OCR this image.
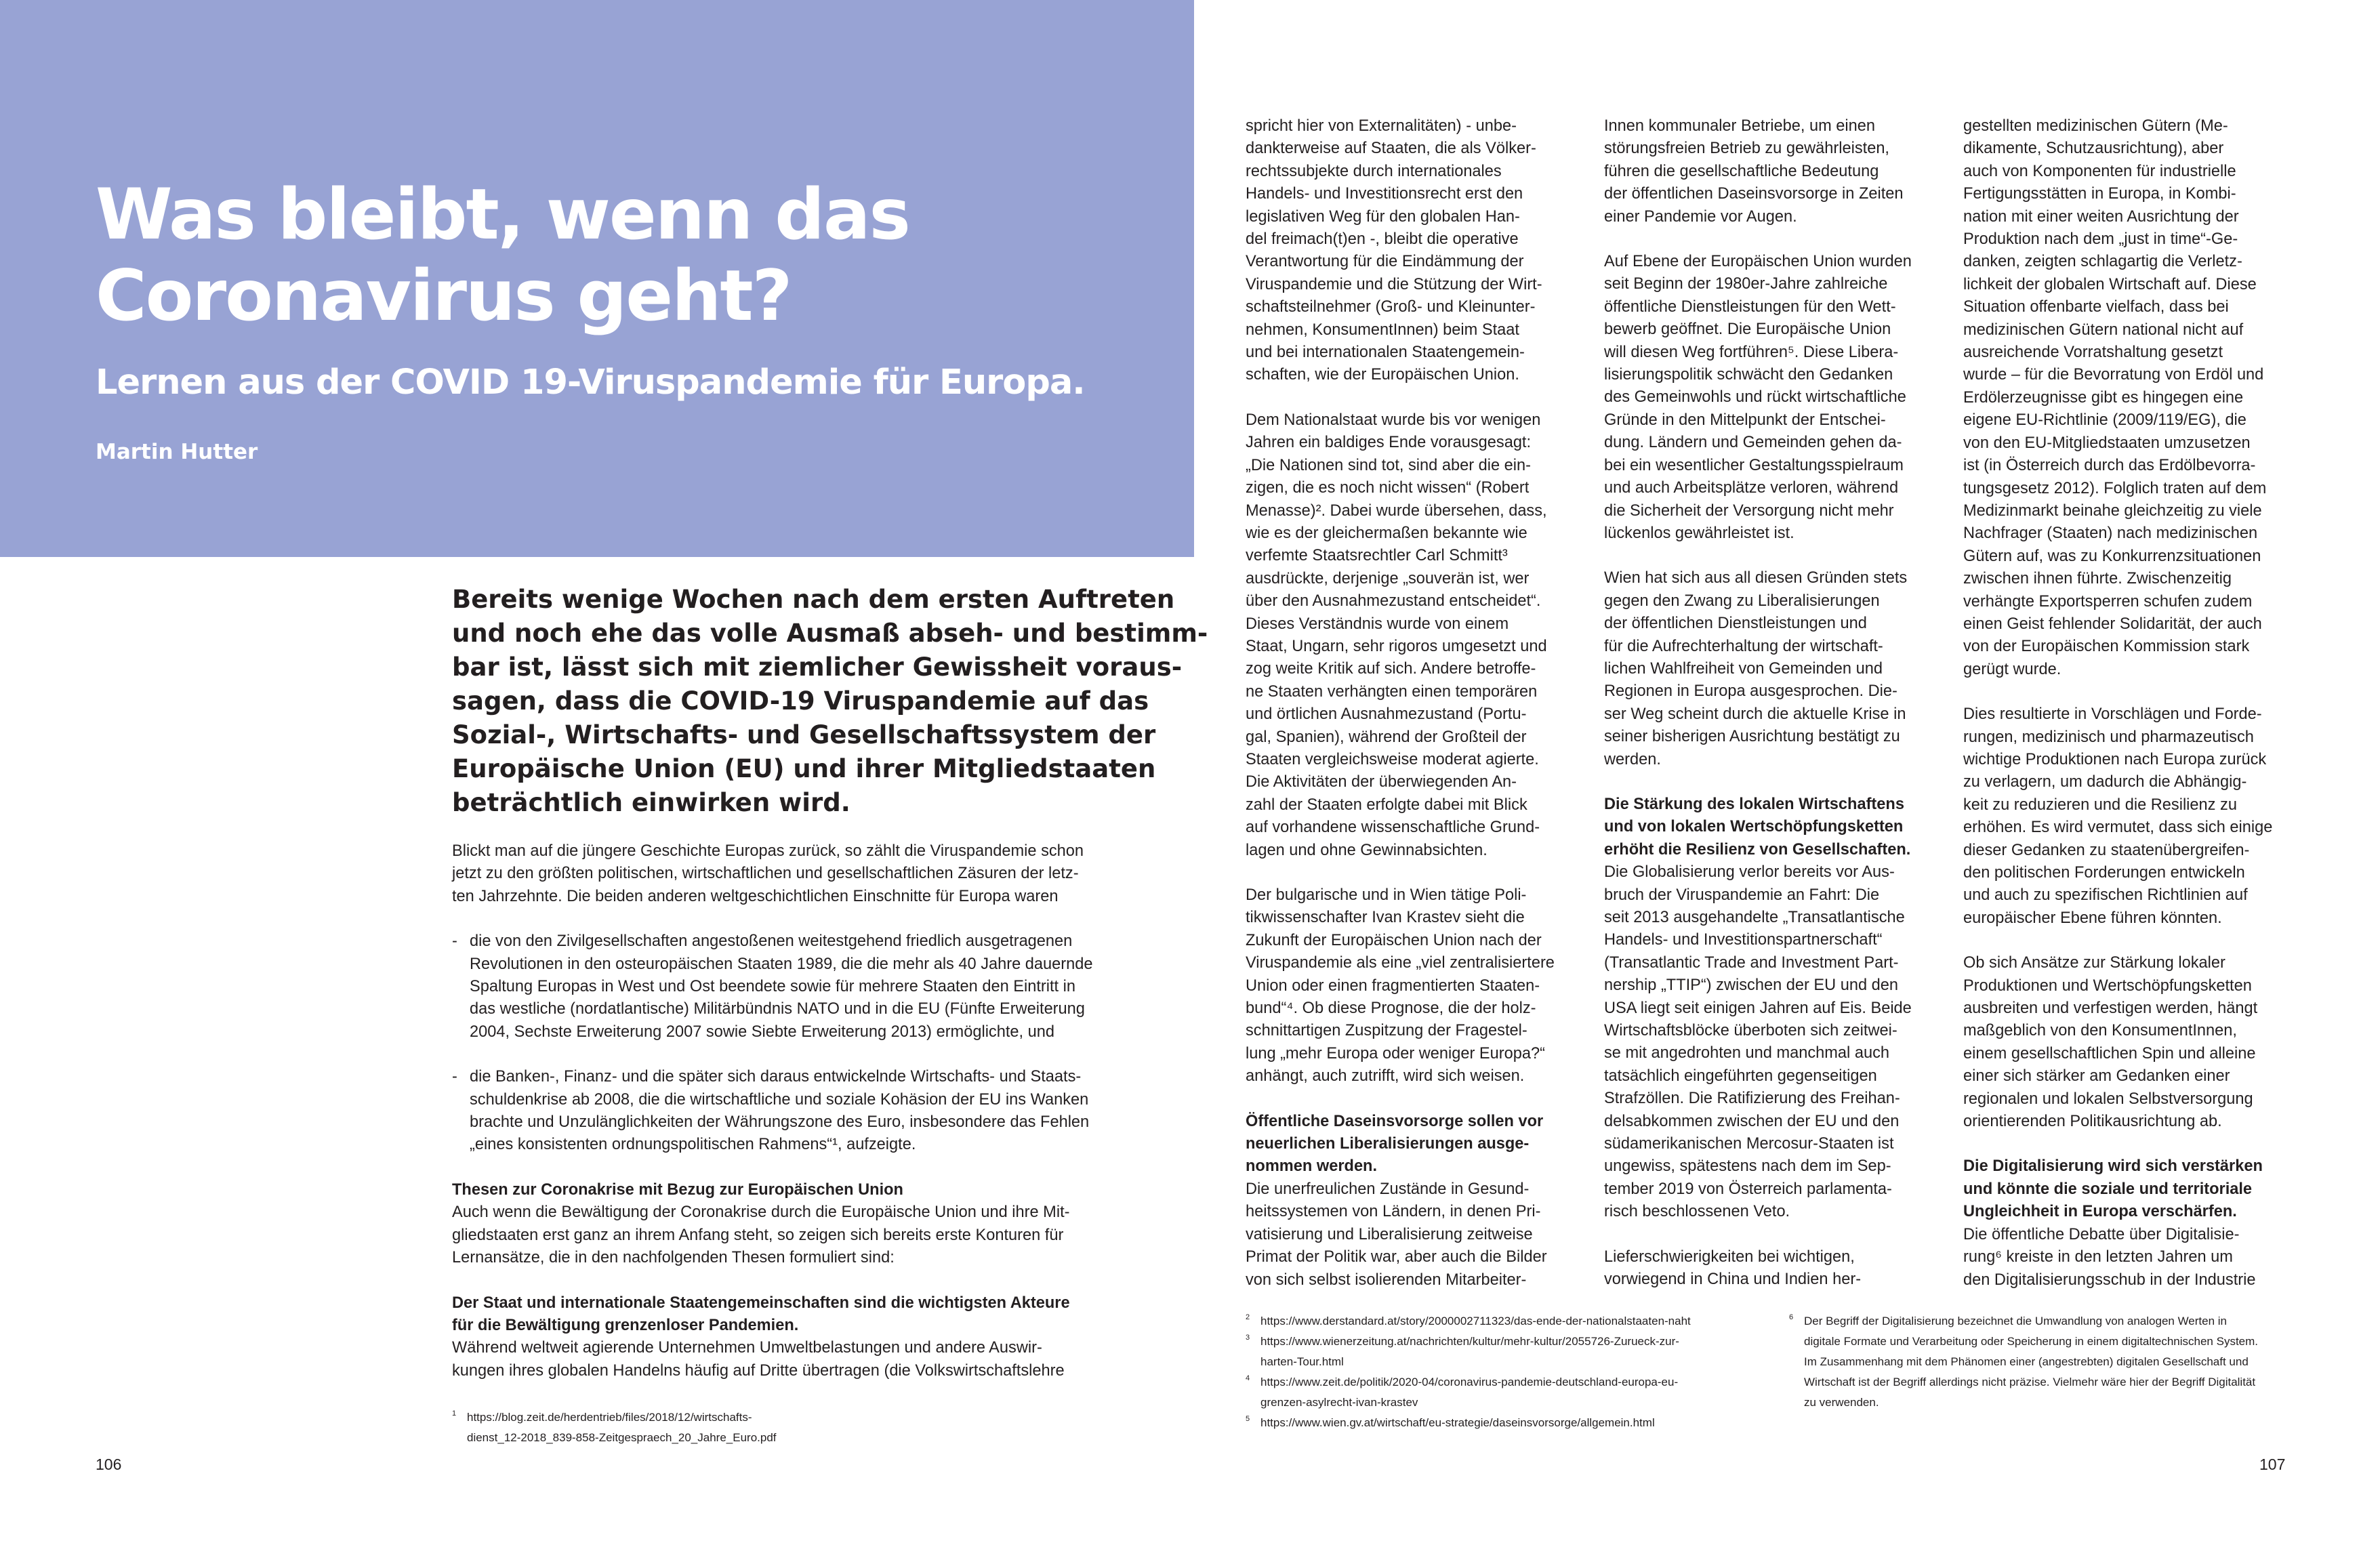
Was bleibt, wenn das
Coronavirus geht?
Lernen aus der COVID 19-Viruspandemie für Europa.
Martin Hutter
Bereits wenige Wochen nach dem ersten Auftreten
und noch ehe das volle Ausmaß abseh- und bestimm-
bar ist, lässt sich mit ziemlicher Gewissheit voraus-
sagen, dass die COVID-19 Viruspandemie auf das
Sozial-, Wirtschafts- und Gesellschaftssystem der
Europäische Union (EU) und ihrer Mitgliedstaaten
beträchtlich einwirken wird.

Blickt man auf die jüngere Geschichte Europas zurück, so zählt die Viruspandemie schon
jetzt zu den größten politischen, wirtschaftlichen und gesellschaftlichen Zäsuren der letz-
ten Jahrzehnte. Die beiden anderen weltgeschichtlichen Einschnitte für Europa waren

- die von den Zivilgesellschaften angestoßenen weitestgehend friedlich ausgetragenen
Revolutionen in den osteuropäischen Staaten 1989, die die mehr als 40 Jahre dauernde
Spaltung Europas in West und Ost beendete sowie für mehrere Staaten den Eintritt in
das westliche (nordatlantische) Militärbündnis NATO und in die EU (Fünfte Erweiterung
2004, Sechste Erweiterung 2007 sowie Siebte Erweiterung 2013) ermöglichte, und
- die Banken-, Finanz- und die später sich daraus entwickelnde Wirtschafts- und Staats-
schuldenkrise ab 2008, die die wirtschaftliche und soziale Kohäsion der EU ins Wanken
brachte und Unzulänglichkeiten der Währungszone des Euro, insbesondere das Fehlen
„eines konsistenten ordnungspolitischen Rahmens“¹, aufzeigte.
Thesen zur Coronakrise mit Bezug zur Europäischen Union

Auch wenn die Bewältigung der Coronakrise durch die Europäische Union und ihre Mit-
gliedstaaten erst ganz an ihrem Anfang steht, so zeigen sich bereits erste Konturen für
Lernansätze, die in den nachfolgenden Thesen formuliert sind:

Der Staat und internationale Staatengemeinschaften sind die wichtigsten Akteure
für die Bewältigung grenzenloser Pandemien.

Während weltweit agierende Unternehmen Umweltbelastungen und andere Auswir-
kungen ihres globalen Handelns häufig auf Dritte übertragen (die Volkswirtschaftslehre

1 https://blog.zeit.de/herdentrieb/files/2018/12/wirtschafts-
dienst_12-2018_839-858-Zeitgespraech_20_Jahre_Euro.pdf

spricht hier von Externalitäten) - unbe-
dankterweise auf Staaten, die als Völker-
rechtssubjekte durch internationales
Handels- und Investitionsrecht erst den
legislativen Weg für den globalen Han-
del freimach(t)en -, bleibt die operative
Verantwortung für die Eindämmung der
Viruspandemie und die Stützung der Wirt-
schaftsteilnehmer (Groß- und Kleinunter-
nehmen, KonsumentInnen) beim Staat
und bei internationalen Staatengemein-
schaften, wie der Europäischen Union.

Dem Nationalstaat wurde bis vor wenigen
Jahren ein baldiges Ende vorausgesagt:
„Die Nationen sind tot, sind aber die ein-
zigen, die es noch nicht wissen“ (Robert
Menasse)². Dabei wurde übersehen, dass,
wie es der gleichermaßen bekannte wie
verfemte Staatsrechtler Carl Schmitt³
ausdrückte, derjenige „souverän ist, wer
über den Ausnahmezustand entscheidet“.
Dieses Verständnis wurde von einem
Staat, Ungarn, sehr rigoros umgesetzt und
zog weite Kritik auf sich. Andere betroffe-
ne Staaten verhängten einen temporären
und örtlichen Ausnahmezustand (Portu-
gal, Spanien), während der Großteil der
Staaten vergleichsweise moderat agierte.
Die Aktivitäten der überwiegenden An-
zahl der Staaten erfolgte dabei mit Blick
auf vorhandene wissenschaftliche Grund-
lagen und ohne Gewinnabsichten.

Der bulgarische und in Wien tätige Poli-
tikwissenschafter Ivan Krastev sieht die
Zukunft der Europäischen Union nach der
Viruspandemie als eine „viel zentralisiertere
Union oder einen fragmentierten Staaten-
bund“⁴. Ob diese Prognose, die der holz-
schnittartigen Zuspitzung der Fragestel-
lung „mehr Europa oder weniger Europa?“
anhängt, auch zutrifft, wird sich weisen.

Öffentliche Daseinsvorsorge sollen vor
neuerlichen Liberalisierungen ausge-
nommen werden.

Die unerfreulichen Zustände in Gesund-
heitssystemen von Ländern, in denen Pri-
vatisierung und Liberalisierung zeitweise
Primat der Politik war, aber auch die Bilder
von sich selbst isolierenden Mitarbeiter-

Innen kommunaler Betriebe, um einen
störungsfreien Betrieb zu gewährleisten,
führen die gesellschaftliche Bedeutung
der öffentlichen Daseinsvorsorge in Zeiten
einer Pandemie vor Augen.

Auf Ebene der Europäischen Union wurden
seit Beginn der 1980er-Jahre zahlreiche
öffentliche Dienstleistungen für den Wett-
bewerb geöffnet. Die Europäische Union
will diesen Weg fortführen⁵. Diese Libera-
lisierungspolitik schwächt den Gedanken
des Gemeinwohls und rückt wirtschaftliche
Gründe in den Mittelpunkt der Entschei-
dung. Ländern und Gemeinden gehen da-
bei ein wesentlicher Gestaltungsspielraum
und auch Arbeitsplätze verloren, während
die Sicherheit der Versorgung nicht mehr
lückenlos gewährleistet ist.

Wien hat sich aus all diesen Gründen stets
gegen den Zwang zu Liberalisierungen
der öffentlichen Dienstleistungen und
für die Aufrechterhaltung der wirtschaft-
lichen Wahlfreiheit von Gemeinden und
Regionen in Europa ausgesprochen. Die-
ser Weg scheint durch die aktuelle Krise in
seiner bisherigen Ausrichtung bestätigt zu
werden.

Die Stärkung des lokalen Wirtschaftens
und von lokalen Wertschöpfungsketten
erhöht die Resilienz von Gesellschaften.

Die Globalisierung verlor bereits vor Aus-
bruch der Viruspandemie an Fahrt: Die
seit 2013 ausgehandelte „Transatlantische
Handels- und Investitionspartnerschaft“
(Transatlantic Trade and Investment Part-
nership „TTIP“) zwischen der EU und den
USA liegt seit einigen Jahren auf Eis. Beide
Wirtschaftsblöcke überboten sich zeitwei-
se mit angedrohten und manchmal auch
tatsächlich eingeführten gegenseitigen
Strafzöllen. Die Ratifizierung des Freihan-
delsabkommen zwischen der EU und den
südamerikanischen Mercosur-Staaten ist
ungewiss, spätestens nach dem im Sep-
tember 2019 von Österreich parlamenta-
risch beschlossenen Veto.

Lieferschwierigkeiten bei wichtigen,
vorwiegend in China und Indien her-

gestellten medizinischen Gütern (Me-
dikamente, Schutzausrichtung), aber
auch von Komponenten für industrielle
Fertigungsstätten in Europa, in Kombi-
nation mit einer weiten Ausrichtung der
Produktion nach dem „just in time“-Ge-
danken, zeigten schlagartig die Verletz-
lichkeit der globalen Wirtschaft auf. Diese
Situation offenbarte vielfach, dass bei
medizinischen Gütern national nicht auf
ausreichende Vorratshaltung gesetzt
wurde – für die Bevorratung von Erdöl und
Erdölerzeugnisse gibt es hingegen eine
eigene EU-Richtlinie (2009/119/EG), die
von den EU-Mitgliedstaaten umzusetzen
ist (in Österreich durch das Erdölbevorra-
tungsgesetz 2012). Folglich traten auf dem
Medizinmarkt beinahe gleichzeitig zu viele
Nachfrager (Staaten) nach medizinischen
Gütern auf, was zu Konkurrenzsituationen
zwischen ihnen führte. Zwischenzeitig
verhängte Exportsperren schufen zudem
einen Geist fehlender Solidarität, der auch
von der Europäischen Kommission stark
gerügt wurde.

Dies resultierte in Vorschlägen und Forde-
rungen, medizinisch und pharmazeutisch
wichtige Produktionen nach Europa zurück
zu verlagern, um dadurch die Abhängig-
keit zu reduzieren und die Resilienz zu
erhöhen. Es wird vermutet, dass sich einige
dieser Gedanken zu staatenübergreifen-
den politischen Forderungen entwickeln
und auch zu spezifischen Richtlinien auf
europäischer Ebene führen könnten.

Ob sich Ansätze zur Stärkung lokaler
Produktionen und Wertschöpfungsketten
ausbreiten und verfestigen werden, hängt
maßgeblich von den KonsumentInnen,
einem gesellschaftlichen Spin und alleine
einer sich stärker am Gedanken einer
regionalen und lokalen Selbstversorgung
orientierenden Politikausrichtung ab.

Die Digitalisierung wird sich verstärken
und könnte die soziale und territoriale
Ungleichheit in Europa verschärfen.

Die öffentliche Debatte über Digitalisie-
rung⁶ kreiste in den letzten Jahren um
den Digitalisierungsschub in der Industrie

2 https://www.derstandard.at/story/2000002711323/das-ende-der-nationalstaaten-naht
3 https://www.wienerzeitung.at/nachrichten/kultur/mehr-kultur/2055726-Zurueck-zur-
harten-Tour.html
4 https://www.zeit.de/politik/2020-04/coronavirus-pandemie-deutschland-europa-eu-
grenzen-asylrecht-ivan-krastev
5 https://www.wien.gv.at/wirtschaft/eu-strategie/daseinsvorsorge/allgemein.html
6 Der Begriff der Digitalisierung bezeichnet die Umwandlung von analogen Werten in
digitale Formate und Verarbeitung oder Speicherung in einem digitaltechnischen System.
Im Zusammenhang mit dem Phänomen einer (angestrebten) digitalen Gesellschaft und
Wirtschaft ist der Begriff allerdings nicht präzise. Vielmehr wäre hier der Begriff Digitalität
zu verwenden.
106	107
